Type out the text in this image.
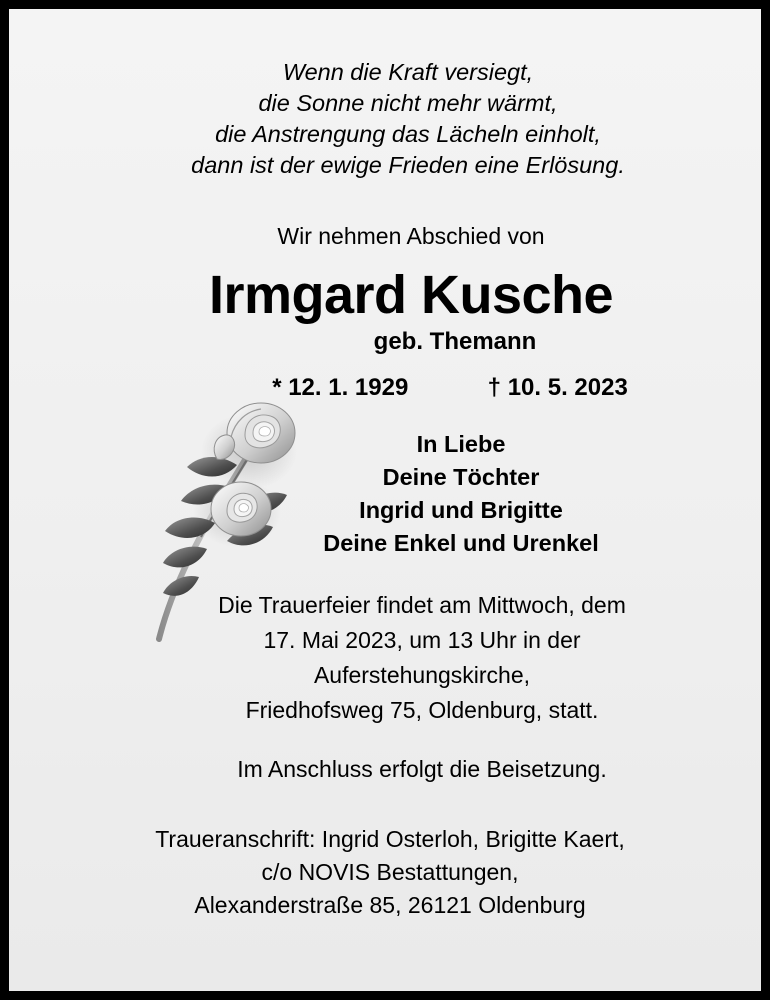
Wenn die Kraft versiegt,
die Sonne nicht mehr wärmt,
die Anstrengung das Lächeln einholt,
dann ist der ewige Frieden eine Erlösung.
Wir nehmen Abschied von
Irmgard Kusche
geb. Themann
* 12. 1. 1929	† 10. 5. 2023
In Liebe
Deine Töchter
Ingrid und Brigitte
Deine Enkel und Urenkel
Die Trauerfeier findet am Mittwoch, dem
17. Mai 2023, um 13 Uhr in der
Auferstehungskirche,
Friedhofsweg 75, Oldenburg, statt.
Im Anschluss erfolgt die Beisetzung.
Traueranschrift: Ingrid Osterloh, Brigitte Kaert,
c/o NOVIS Bestattungen,
Alexanderstraße 85, 26121 Oldenburg
